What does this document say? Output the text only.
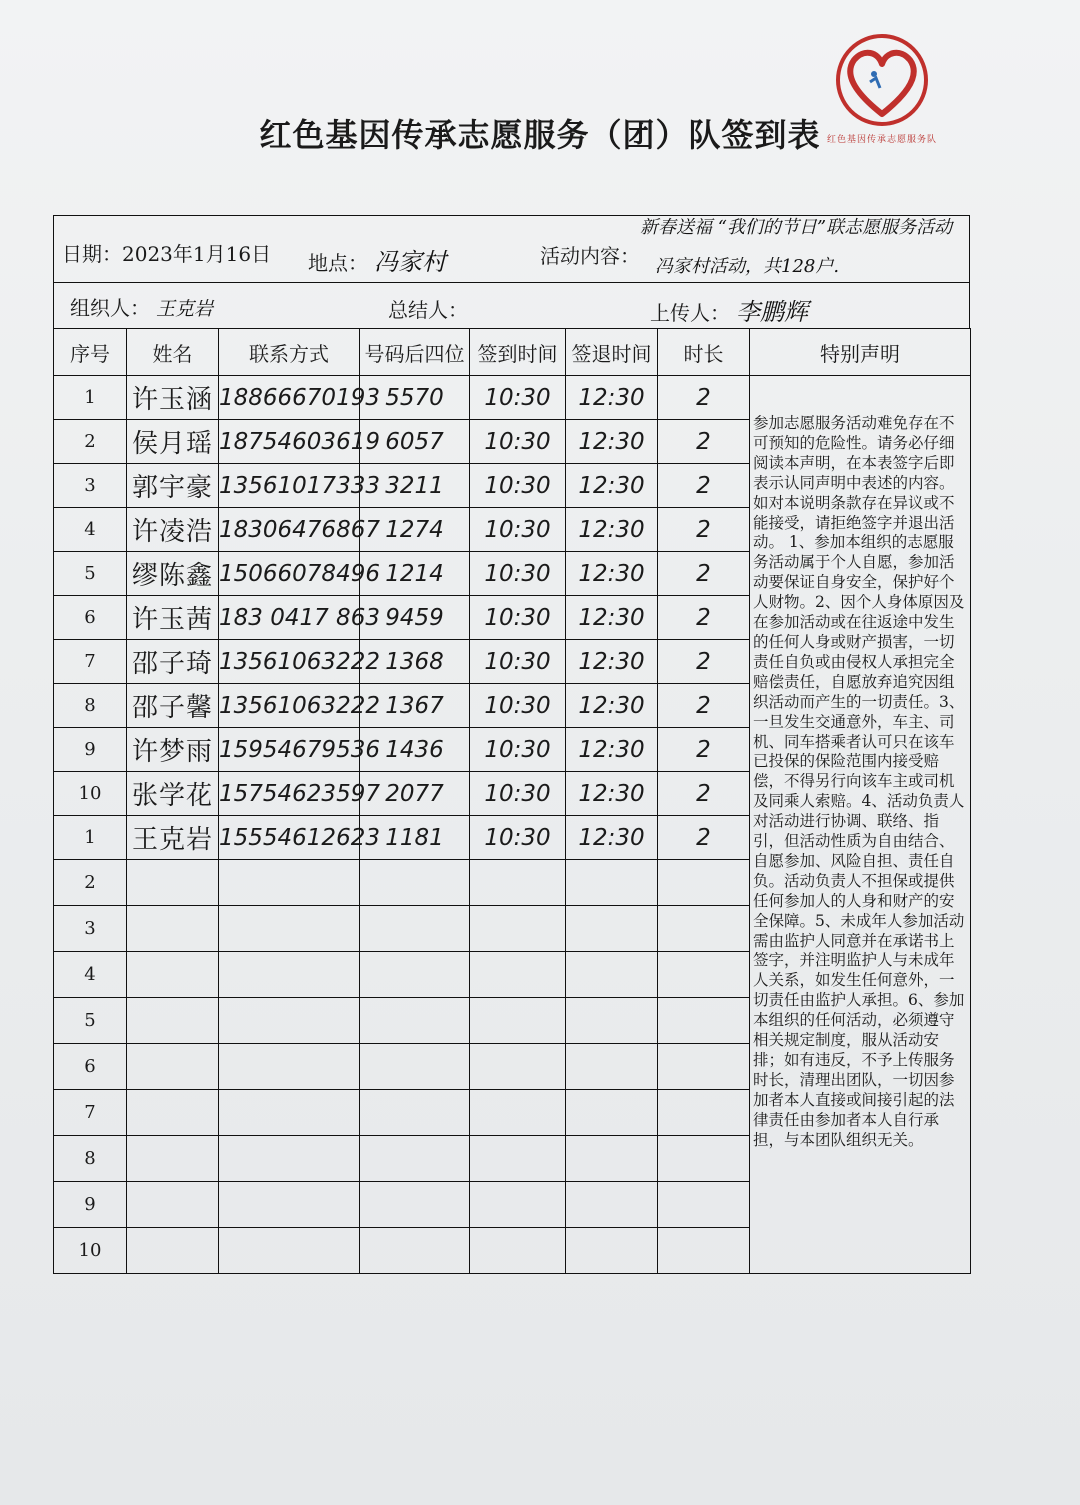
红色基因传承志愿服务队
红色基因传承志愿服务（团）队签到表
日期：2023年1月16日 地点： 冯家村	活动内容：
新春送福 “我们的节日”联志愿服务活动
冯家村活动，共128户.
组织人： 王克岩	总结人：	上传人： 李鹏辉
序号	姓名	联系方式	号码后四位	签到时间	签退时间	时长	特别声明
1	许玉涵	18866670193	5570	10:30	12:30	2	参加志愿服务活动难免存在不可预知的危险性。请务必仔细阅读本声明，在本表签字后即表示认同声明中表述的内容。如对本说明条款存在异议或不能接受，请拒绝签字并退出活动。 1、参加本组织的志愿服务活动属于个人自愿，参加活动要保证自身安全，保护好个人财物。2、因个人身体原因及在参加活动或在往返途中发生的任何人身或财产损害，一切责任自负或由侵权人承担完全赔偿责任，自愿放弃追究因组织活动而产生的一切责任。3、一旦发生交通意外，车主、司机、同车搭乘者认可只在该车已投保的保险范围内接受赔偿，不得另行向该车主或司机及同乘人索赔。4、活动负责人对活动进行协调、联络、指引，但活动性质为自由结合、自愿参加、风险自担、责任自负。活动负责人不担保或提供任何参加人的人身和财产的安全保障。5、未成年人参加活动需由监护人同意并在承诺书上签字，并注明监护人与未成年人关系，如发生任何意外，一切责任由监护人承担。6、参加本组织的任何活动，必须遵守相关规定制度，服从活动安排；如有违反，不予上传服务时长，清理出团队，一切因参加者本人直接或间接引起的法律责任由参加者本人自行承担，与本团队组织无关。
2	侯月瑶	18754603619	6057	10:30	12:30	2	
3	郭宇豪	13561017333	3211	10:30	12:30	2	
4	许凌浩	18306476867	1274	10:30	12:30	2	
5	缪陈鑫	15066078496	1214	10:30	12:30	2	
6	许玉茜	183 0417 863	9459	10:30	12:30	2	
7	邵子琦	13561063222	1368	10:30	12:30	2	
8	邵子馨	13561063222	1367	10:30	12:30	2	
9	许梦雨	15954679536	1436	10:30	12:30	2	
10	张学花	15754623597	2077	10:30	12:30	2	
1	王克岩	15554612623	1181	10:30	12:30	2	
2							
3							
4							
5							
6							
7							
8							
9							
10							
